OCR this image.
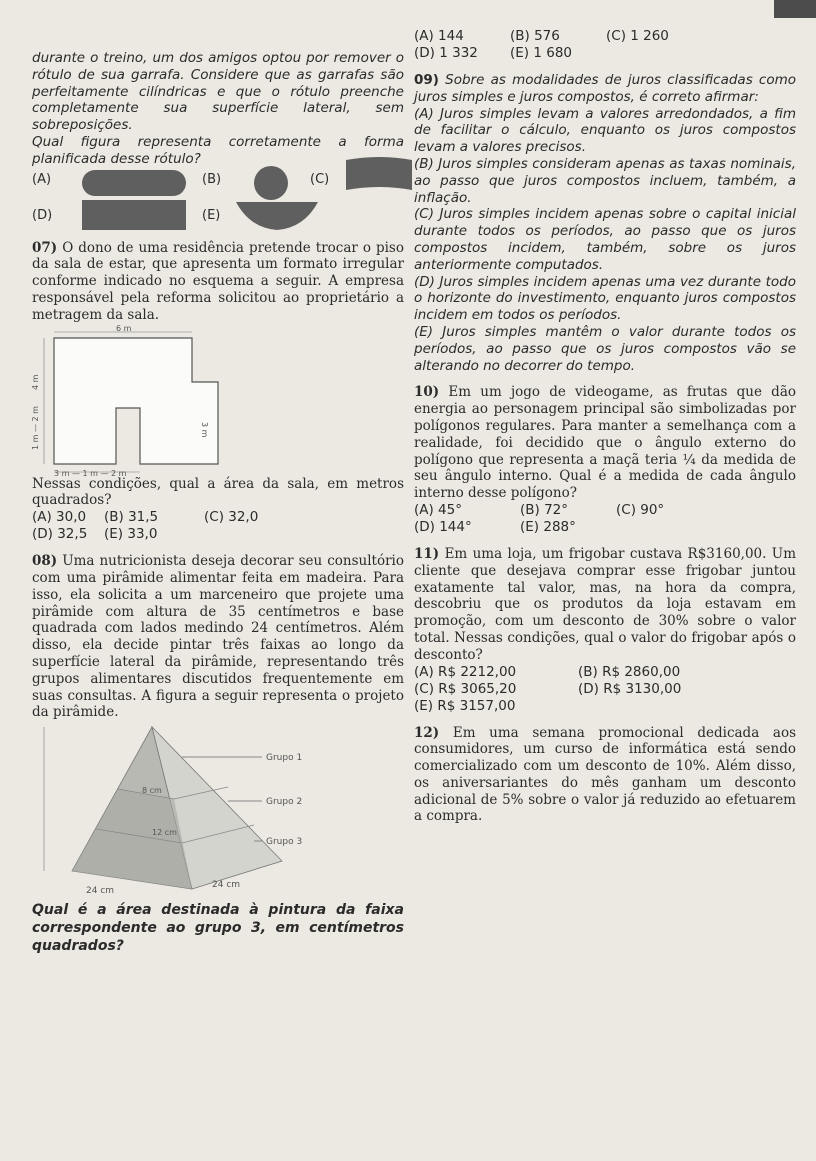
durante o treino, um dos amigos optou por remover o rótulo de sua garrafa. Considere que as garrafas são perfeitamente cilíndricas e que o rótulo preenche completamente sua superfície lateral, sem sobreposições.

Qual figura representa corretamente a forma planificada desse rótulo?

(A)	(B)	(C)
(D)	(E)

07) O dono de uma residência pretende trocar o piso da sala de estar, que apresenta um formato irregular conforme indicado no esquema a seguir. A empresa responsável pela reforma solicitou ao proprietário a metragem da sala.

6 m
4 m
1 m — 2 m	3 m
3 m — 1 m — 2 m

Nessas condições, qual a área da sala, em metros quadrados?

(A) 30,0	(B) 31,5	(C) 32,0
(D) 32,5	(E) 33,0

08) Uma nutricionista deseja decorar seu consultório com uma pirâmide alimentar feita em madeira. Para isso, ela solicita a um marceneiro que projete uma pirâmide com altura de 35 centímetros e base quadrada com lados medindo 24 centímetros. Além disso, ela decide pintar três faixas ao longo da superfície lateral da pirâmide, representando três grupos alimentares discutidos frequentemente em suas consultas. A figura a seguir representa o projeto da pirâmide.

Grupo 1
Grupo 2
Grupo 3
24 cm
24 cm
8 cm
12 cm

Qual é a área destinada à pintura da faixa correspondente ao grupo 3, em centímetros quadrados?

(A) 144	(B) 576	(C) 1 260
(D) 1 332	(E) 1 680

09) Sobre as modalidades de juros classificadas como juros simples e juros compostos, é correto afirmar:

(A) Juros simples levam a valores arredondados, a fim de facilitar o cálculo, enquanto os juros compostos levam a valores precisos.

(B) Juros simples consideram apenas as taxas nominais, ao passo que juros compostos incluem, também, a inflação.

(C) Juros simples incidem apenas sobre o capital inicial durante todos os períodos, ao passo que os juros compostos incidem, também, sobre os juros anteriormente computados.

(D) Juros simples incidem apenas uma vez durante todo o horizonte do investimento, enquanto juros compostos incidem em todos os períodos.

(E) Juros simples mantêm o valor durante todos os períodos, ao passo que os juros compostos vão se alterando no decorrer do tempo.

10) Em um jogo de videogame, as frutas que dão energia ao personagem principal são simbolizadas por polígonos regulares. Para manter a semelhança com a realidade, foi decidido que o ângulo externo do polígono que representa a maçã teria ¼ da medida de seu ângulo interno. Qual é a medida de cada ângulo interno desse polígono?

(A) 45°	(B) 72°	(C) 90°
(D) 144°	(E) 288°

11) Em uma loja, um frigobar custava R$3160,00. Um cliente que desejava comprar esse frigobar juntou exatamente tal valor, mas, na hora da compra, descobriu que os produtos da loja estavam em promoção, com um desconto de 30% sobre o valor total. Nessas condições, qual o valor do frigobar após o desconto?

(A) R$ 2212,00	(B) R$ 2860,00
(C) R$ 3065,20	(D) R$ 3130,00
(E) R$ 3157,00

12) Em uma semana promocional dedicada aos consumidores, um curso de informática está sendo comercializado com um desconto de 10%. Além disso, os aniversariantes do mês ganham um desconto adicional de 5% sobre o valor já reduzido ao efetuarem a compra.
